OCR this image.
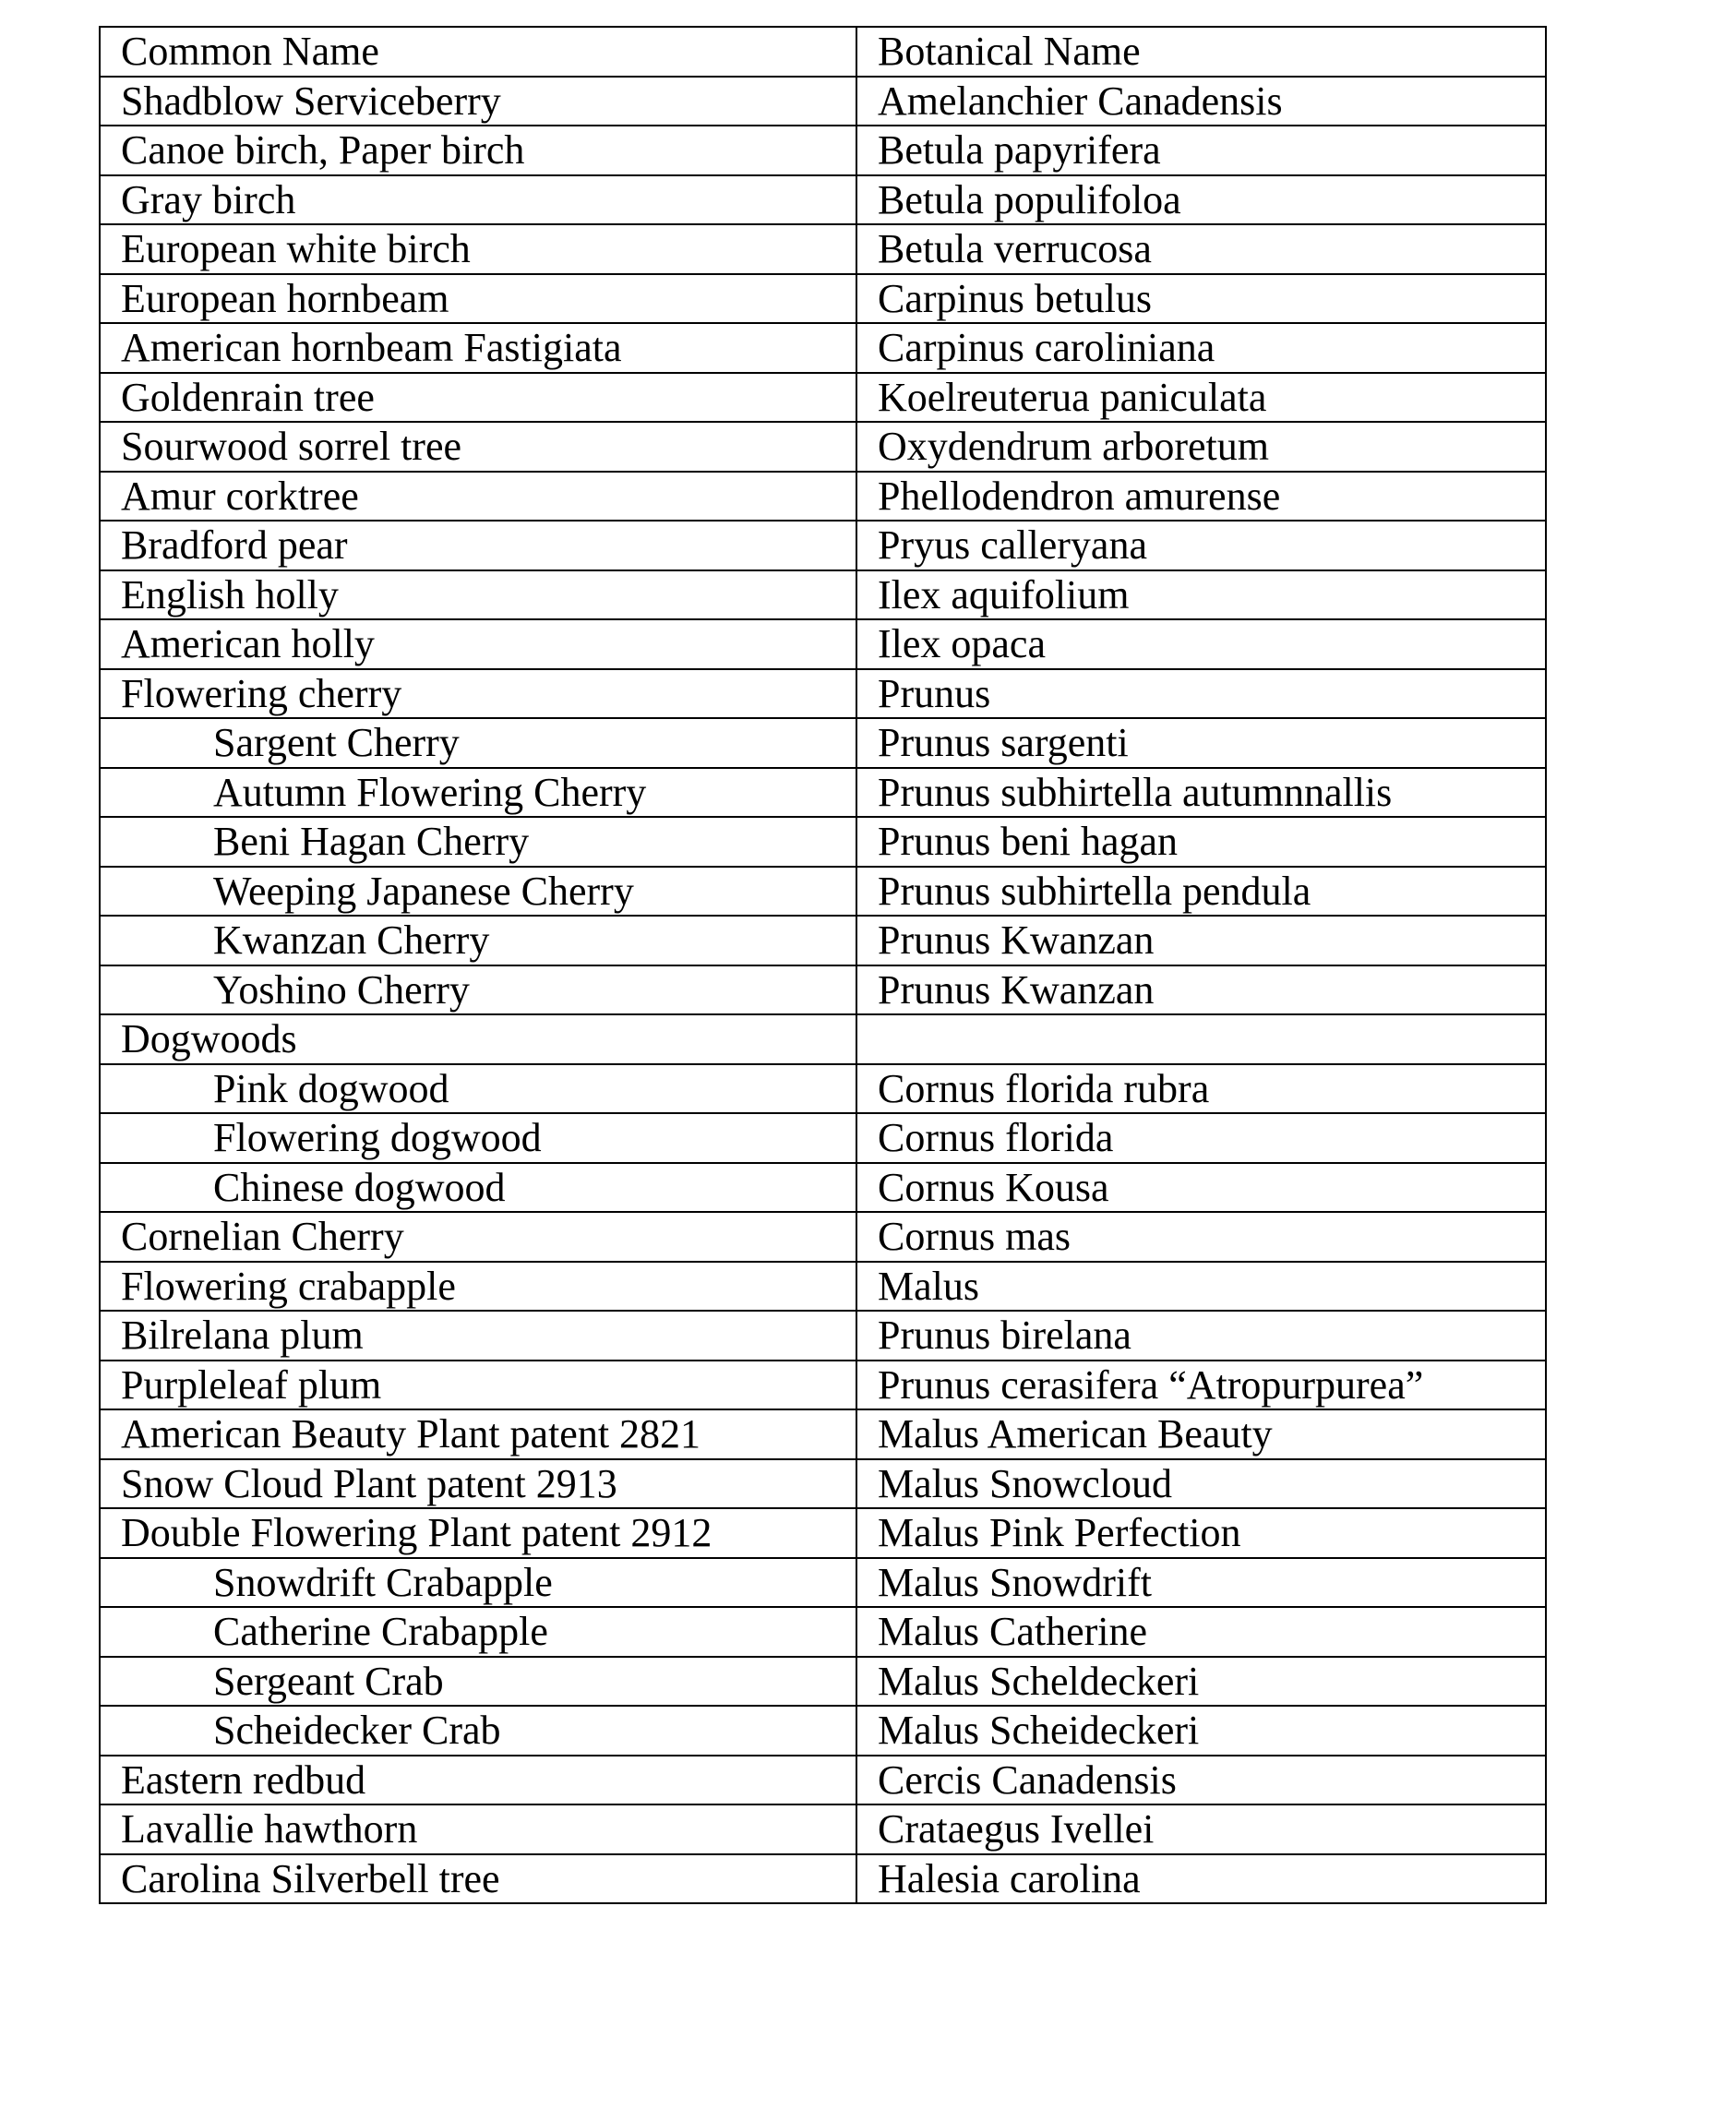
Common Name	Botanical Name
Shadblow Serviceberry	Amelanchier Canadensis
Canoe birch, Paper birch	Betula papyrifera
Gray birch	Betula populifoloa
European white birch	Betula verrucosa
European hornbeam	Carpinus betulus
American hornbeam Fastigiata	Carpinus caroliniana
Goldenrain tree	Koelreuterua paniculata
Sourwood sorrel tree	Oxydendrum arboretum
Amur corktree	Phellodendron amurense
Bradford pear	Pryus calleryana
English holly	Ilex aquifolium
American holly	Ilex opaca
Flowering cherry	Prunus
Sargent Cherry	Prunus sargenti
Autumn Flowering Cherry	Prunus subhirtella autumnnallis
Beni Hagan Cherry	Prunus beni hagan
Weeping Japanese Cherry	Prunus subhirtella pendula
Kwanzan Cherry	Prunus Kwanzan
Yoshino Cherry	Prunus Kwanzan
Dogwoods	
Pink dogwood	Cornus florida rubra
Flowering dogwood	Cornus florida
Chinese dogwood	Cornus Kousa
Cornelian Cherry	Cornus mas
Flowering crabapple	Malus
Bilrelana plum	Prunus birelana
Purpleleaf plum	Prunus cerasifera “Atropurpurea”
American Beauty Plant patent 2821	Malus American Beauty
Snow Cloud Plant patent 2913	Malus Snowcloud
Double Flowering Plant patent 2912	Malus Pink Perfection
Snowdrift Crabapple	Malus Snowdrift
Catherine Crabapple	Malus Catherine
Sergeant Crab	Malus Scheldeckeri
Scheidecker Crab	Malus Scheideckeri
Eastern redbud	Cercis Canadensis
Lavallie hawthorn	Crataegus Ivellei
Carolina Silverbell tree	Halesia carolina
